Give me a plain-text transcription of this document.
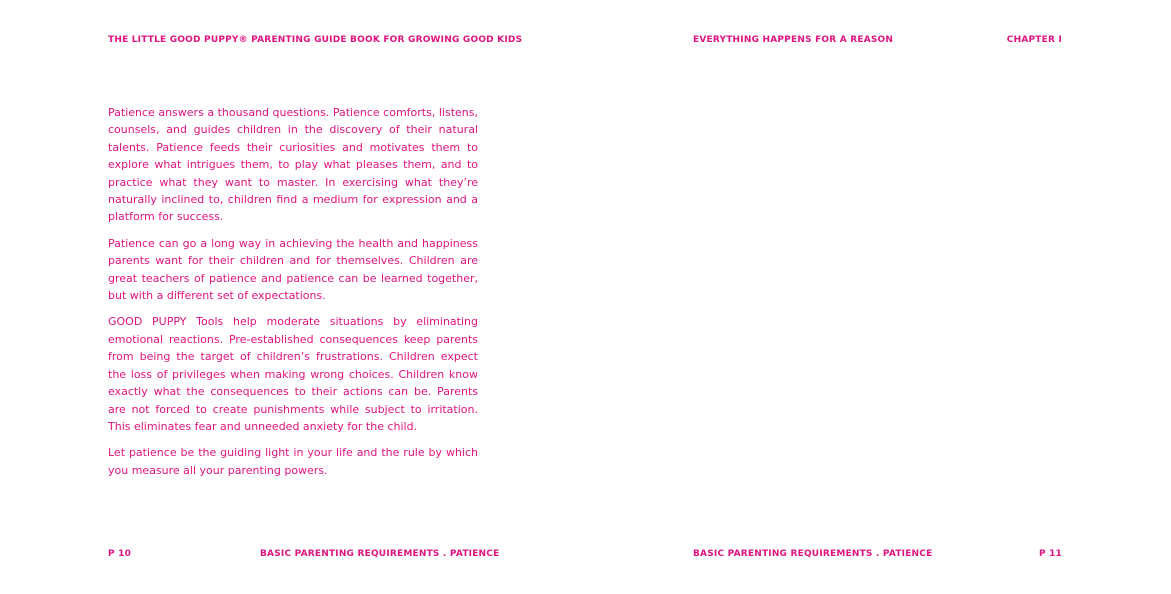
THE LITTLE GOOD PUPPY® PARENTING GUIDE BOOK FOR GROWING GOOD KIDS	EVERYTHING HAPPENS FOR A REASON	CHAPTER I

Patience answers a thousand questions. Patience comforts, listens, counsels, and guides children in the discovery of their natural talents. Patience feeds their curiosities and motivates them to explore what intrigues them, to play what pleases them, and to practice what they want to master. In exercising what they’re naturally inclined to, children find a medium for expression and a platform for success.

Patience can go a long way in achieving the health and happiness parents want for their children and for themselves. Children are great teachers of patience and patience can be learned together, but with a different set of expectations.

GOOD PUPPY Tools help moderate situations by eliminating emotional reactions. Pre-established consequences keep parents from being the target of children’s frustrations. Children expect the loss of privileges when making wrong choices. Children know exactly what the consequences to their actions can be. Parents are not forced to create punishments while subject to irritation. This eliminates fear and unneeded anxiety for the child.

Let patience be the guiding light in your life and the rule by which you measure all your parenting powers.

P 10	BASIC PARENTING REQUIREMENTS . PATIENCE	BASIC PARENTING REQUIREMENTS . PATIENCE	P 11
